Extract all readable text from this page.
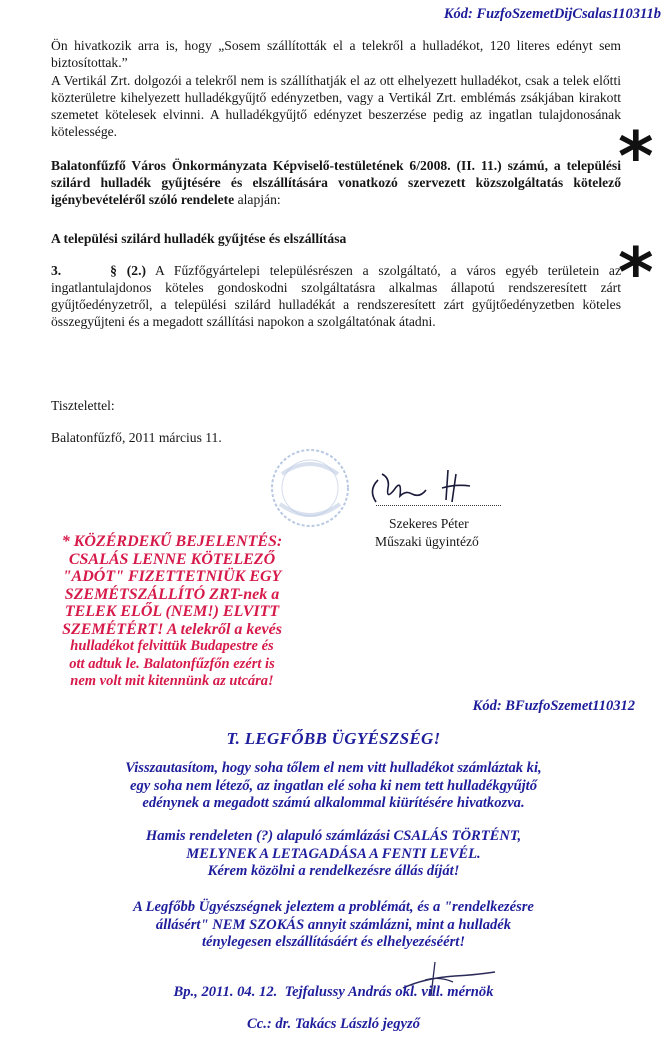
Kód: FuzfoSzemetDijCsalas110311b

Ön hivatkozik arra is, hogy „Sosem szállították el a telekről a hulladékot, 120 literes edényt sem biztosítottak.”

A Vertikál Zrt. dolgozói a telekről nem is szállíthatják el az ott elhelyezett hulladékot, csak a telek előtti közterületre kihelyezett hulladékgyűjtő edényzetben, vagy a Vertikál Zrt. emblémás zsákjában kirakott szemetet kötelesek elvinni. A hulladékgyűjtő edényzet beszerzése pedig az ingatlan tulajdonosának kötelessége.

Balatonfűzfő Város Önkormányzata Képviselő-testületének 6/2008. (II. 11.) számú, a települési szilárd hulladék gyűjtésére és elszállítására vonatkozó szervezett közszolgáltatás kötelező igénybevételéről szóló rendelete alapján:

A települési szilárd hulladék gyűjtése és elszállítása

3.     § (2.) A Fűzfőgyártelepi településrészen a szolgáltató, a város egyéb területein az ingatlantulajdonos köteles gondoskodni szolgáltatásra alkalmas állapotú rendszeresített zárt gyűjtőedényzetről, a települési szilárd hulladékát a rendszeresített zárt gyűjtőedényzetben köteles összegyűjteni és a megadott szállítási napokon a szolgáltatónak átadni.

*
*
Tisztelettel:
Balatonfűzfő, 2011 március 11.
Szekeres Péter
Műszaki ügyintéző
* KÖZÉRDEKŰ BEJELENTÉS:
CSALÁS LENNE KÖTELEZŐ
"ADÓT" FIZETTETNIÜK EGY
SZEMÉTSZÁLLÍTÓ ZRT-nek a
TELEK ELŐL (NEM!) ELVITT
SZEMÉTÉRT! A telekről a kevés
hulladékot felvittük Budapestre és
ott adtuk le. Balatonfűzfőn ezért is
nem volt mit kitennünk az utcára!
Kód: BFuzfoSzemet110312
T. LEGFŐBB ÜGYÉSZSÉG!
Visszautasítom, hogy soha tőlem el nem vitt hulladékot számláztak ki,
egy soha nem létező, az ingatlan elé soha ki nem tett hulladékgyűjtő
edénynek a megadott számú alkalommal kiürítésére hivatkozva.
Hamis rendeleten (?) alapuló számlázási CSALÁS TÖRTÉNT,
MELYNEK A LETAGADÁSA A FENTI LEVÉL.
Kérem közölni a rendelkezésre állás díját!
A Legfőbb Ügyészségnek jeleztem a problémát, és a "rendelkezésre
állásért" NEM SZOKÁS annyit számlázni, mint a hulladék
ténylegesen elszállításáért és elhelyezéséért!
Bp., 2011. 04. 12.  Tejfalussy András okl. vill. mérnök
Cc.: dr. Takács László jegyző
